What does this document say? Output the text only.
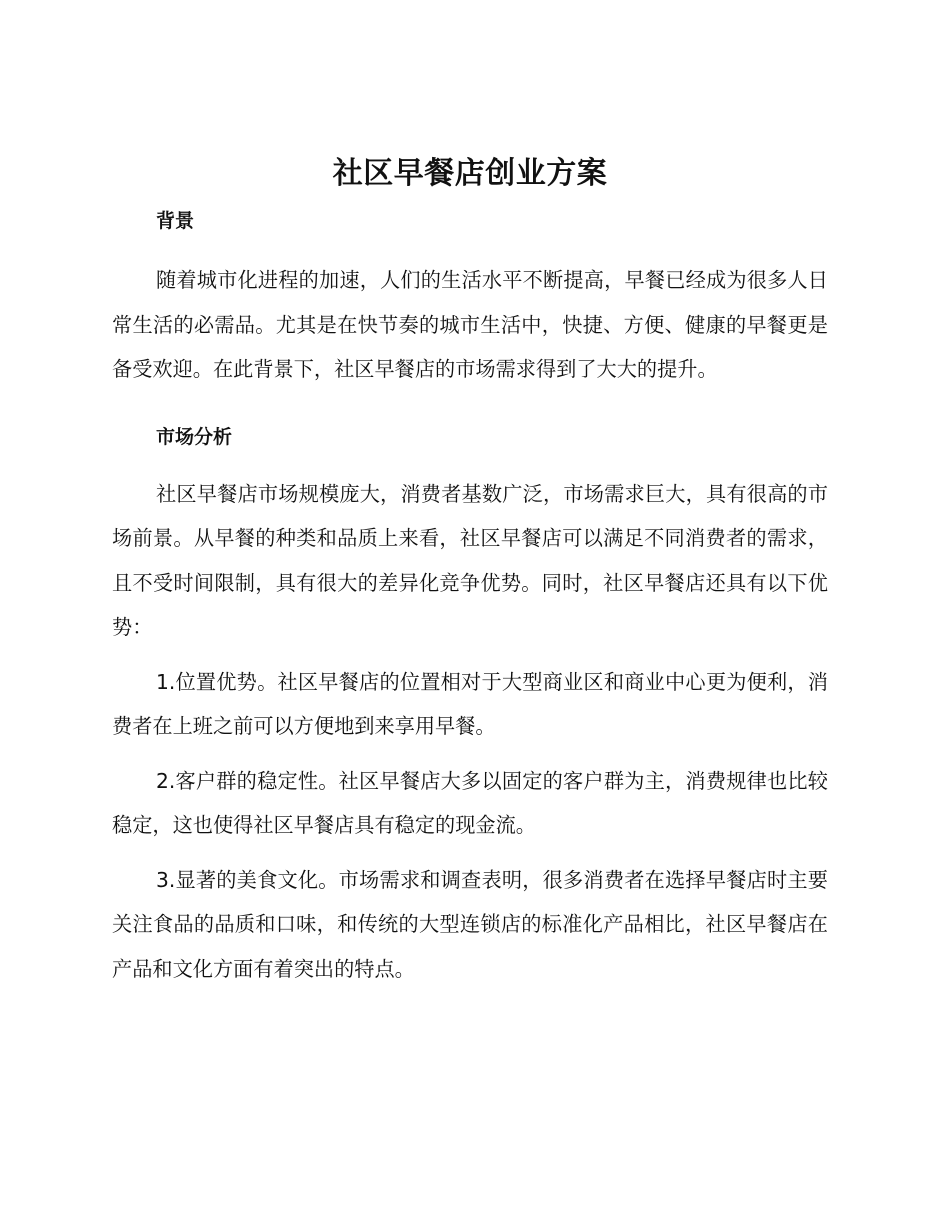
社区早餐店创业方案
背景

随着城市化进程的加速，人们的生活水平不断提高，早餐已经成为很多人日常生活的必需品。尤其是在快节奏的城市生活中，快捷、方便、健康的早餐更是备受欢迎。在此背景下，社区早餐店的市场需求得到了大大的提升。

市场分析

社区早餐店市场规模庞大，消费者基数广泛，市场需求巨大，具有很高的市场前景。从早餐的种类和品质上来看，社区早餐店可以满足不同消费者的需求，且不受时间限制，具有很大的差异化竞争优势。同时，社区早餐店还具有以下优势：

1.位置优势。社区早餐店的位置相对于大型商业区和商业中心更为便利，消费者在上班之前可以方便地到来享用早餐。

2.客户群的稳定性。社区早餐店大多以固定的客户群为主，消费规律也比较稳定，这也使得社区早餐店具有稳定的现金流。

3.显著的美食文化。市场需求和调查表明，很多消费者在选择早餐店时主要关注食品的品质和口味，和传统的大型连锁店的标准化产品相比，社区早餐店在产品和文化方面有着突出的特点。
